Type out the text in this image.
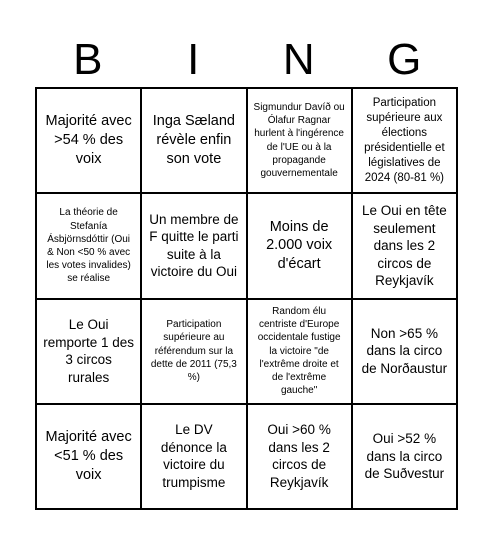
B	I	N	G
Majorité avec >54 % des voix
Inga Sæland révèle enfin son vote
Sigmundur Davíð ou Ólafur Ragnar hurlent à l'ingérence de l'UE ou à la propagande gouvernementale
Participation supérieure aux élections présidentielle et législatives de 2024 (80-81 %)
La théorie de Stefanía Ásbjörnsdóttir (Oui & Non <50 % avec les votes invalides) se réalise
Un membre de F quitte le parti suite à la victoire du Oui
Moins de 2.000 voix d'écart
Le Oui en tête seulement dans les 2 circos de Reykjavík
Le Oui remporte 1 des 3 circos rurales
Participation supérieure au référendum sur la dette de 2011 (75,3 %)
Random élu centriste d'Europe occidentale fustige la victoire "de l'extrême droite et de l'extrême gauche"
Non >65 % dans la circo de Norðaustur
Majorité avec <51 % des voix
Le DV dénonce la victoire du trumpisme
Oui >60 % dans les 2 circos de Reykjavík
Oui >52 % dans la circo de Suðvestur
